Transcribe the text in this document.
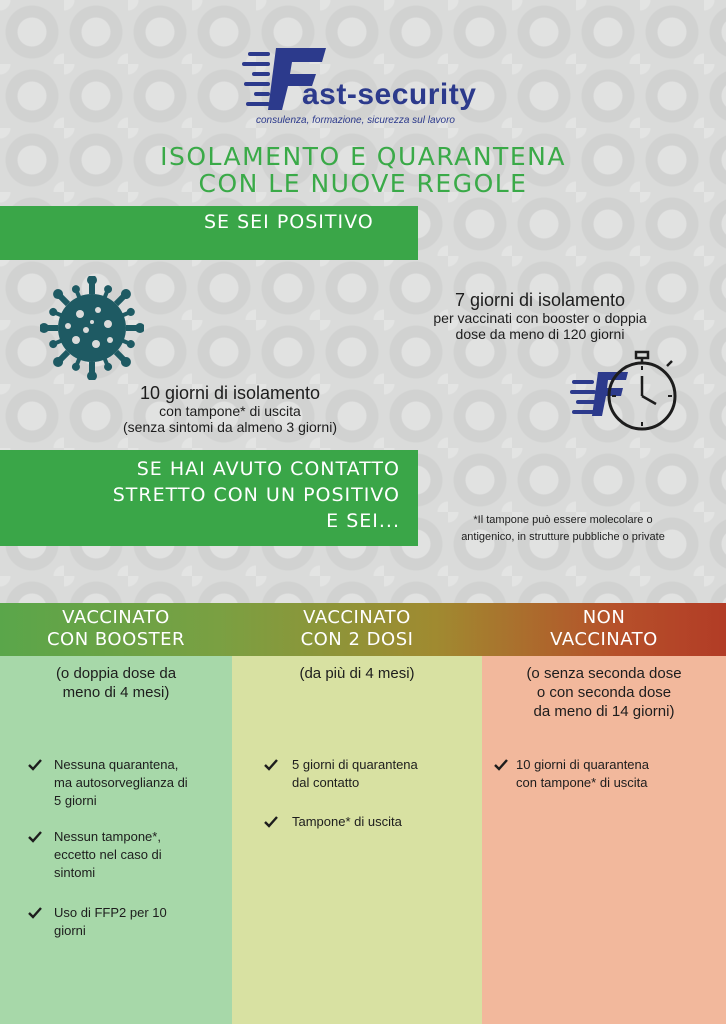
ast-security
consulenza, formazione, sicurezza sul lavoro
ISOLAMENTO E QUARANTENA
CON LE NUOVE REGOLE
SE SEI POSITIVO
7 giorni di isolamento
per vaccinati con booster o doppia
dose da meno di 120 giorni
10 giorni di isolamento
con tampone* di uscita
(senza sintomi da almeno 3 giorni)
SE HAI AVUTO CONTATTO
STRETTO CON UN POSITIVO
E SEI...	*Il tampone può essere molecolare o
antigenico, in strutture pubbliche o private
VACCINATO
CON BOOSTER
VACCINATO
CON 2 DOSI
NON
VACCINATO
(o doppia dose da
meno di 4 mesi)
Nessuna quarantena,
ma autosorveglianza di
5 giorni
Nessun tampone*,
eccetto nel caso di
sintomi
Uso di FFP2 per 10
giorni
(da più di 4 mesi)
5 giorni di quarantena
dal contatto
Tampone* di uscita
(o senza seconda dose
o con seconda dose
da meno di 14 giorni)
10 giorni di quarantena
con tampone* di uscita
